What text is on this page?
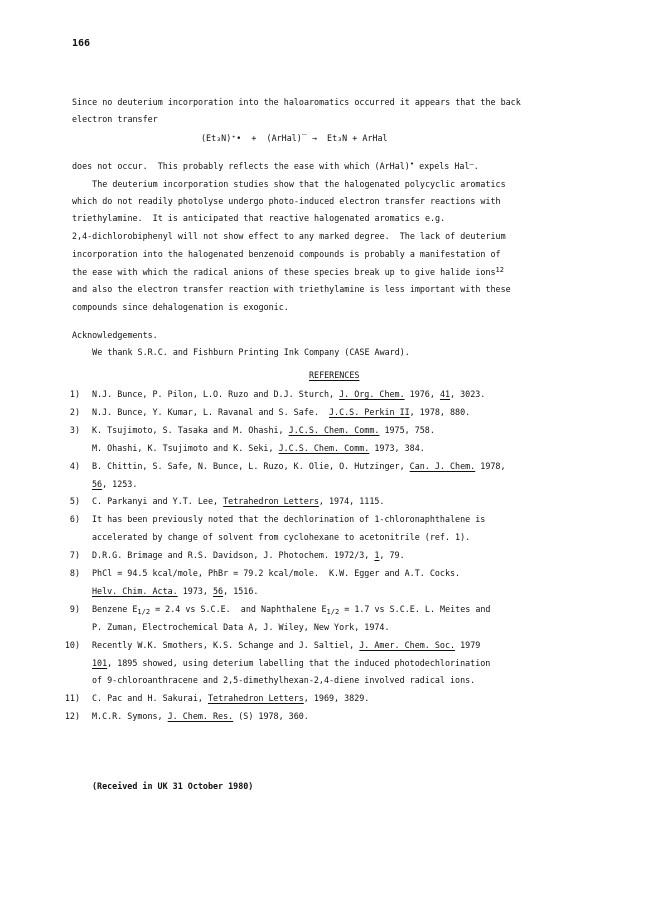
166
Since no deuterium incorporation into the haloaromatics occurred it appears that the back
electron transfer
(Et₃N)⁺•  +  (ArHal)̅  →  Et₃N + ArHal
does not occur.  This probably reflects the ease with which (ArHal)• expels Hal–.
The deuterium incorporation studies show that the halogenated polycyclic aromatics
which do not readily photolyse undergo photo-induced electron transfer reactions with
triethylamine.  It is anticipated that reactive halogenated aromatics e.g.
2,4-dichlorobiphenyl will not show effect to any marked degree.  The lack of deuterium
incorporation into the halogenated benzenoid compounds is probably a manifestation of
the ease with which the radical anions of these species break up to give halide ions$^{12}$
and also the electron transfer reaction with triethylamine is less important with these
compounds since dehalogenation is exogonic.
Acknowledgements.
We thank S.R.C. and Fishburn Printing Ink Company (CASE Award).
REFERENCES
1) N.J. Bunce, P. Pilon, L.O. Ruzo and D.J. Sturch, J. Org. Chem. 1976, 41, 3023.
2) N.J. Bunce, Y. Kumar, L. Ravanal and S. Safe.  J.C.S. Perkin II, 1978, 880.
3) K. Tsujimoto, S. Tasaka and M. Ohashi, J.C.S. Chem. Comm. 1975, 758.
M. Ohashi, K. Tsujimoto and K. Seki, J.C.S. Chem. Comm. 1973, 384.
4) B. Chittin, S. Safe, N. Bunce, L. Ruzo, K. Olie, O. Hutzinger, Can. J. Chem. 1978,
56, 1253.
5) C. Parkanyi and Y.T. Lee, Tetrahedron Letters, 1974, 1115.
6) It has been previously noted that the dechlorination of 1-chloronaphthalene is
accelerated by change of solvent from cyclohexane to acetonitrile (ref. 1).
7) D.R.G. Brimage and R.S. Davidson, J. Photochem. 1972/3, 1, 79.
8) PhCl = 94.5 kcal/mole, PhBr = 79.2 kcal/mole.  K.W. Egger and A.T. Cocks.
Helv. Chim. Acta. 1973, 56, 1516.
9) Benzene $E_{1/2} = 2.4$ vs S.C.E.  and Naphthalene $E_{1/2} = 1.7$ vs S.C.E. L. Meites and
P. Zuman, Electrochemical Data A, J. Wiley, New York, 1974.
10) Recently W.K. Smothers, K.S. Schange and J. Saltiel, J. Amer. Chem. Soc. 1979
101, 1895 showed, using deterium labelling that the induced photodechlorination
of 9-chloroanthracene and 2,5-dimethylhexan-2,4-diene involved radical ions.
11) C. Pac and H. Sakurai, Tetrahedron Letters, 1969, 3829.
12) M.C.R. Symons, J. Chem. Res. (S) 1978, 360.
(Received in UK 31 October 1980)
